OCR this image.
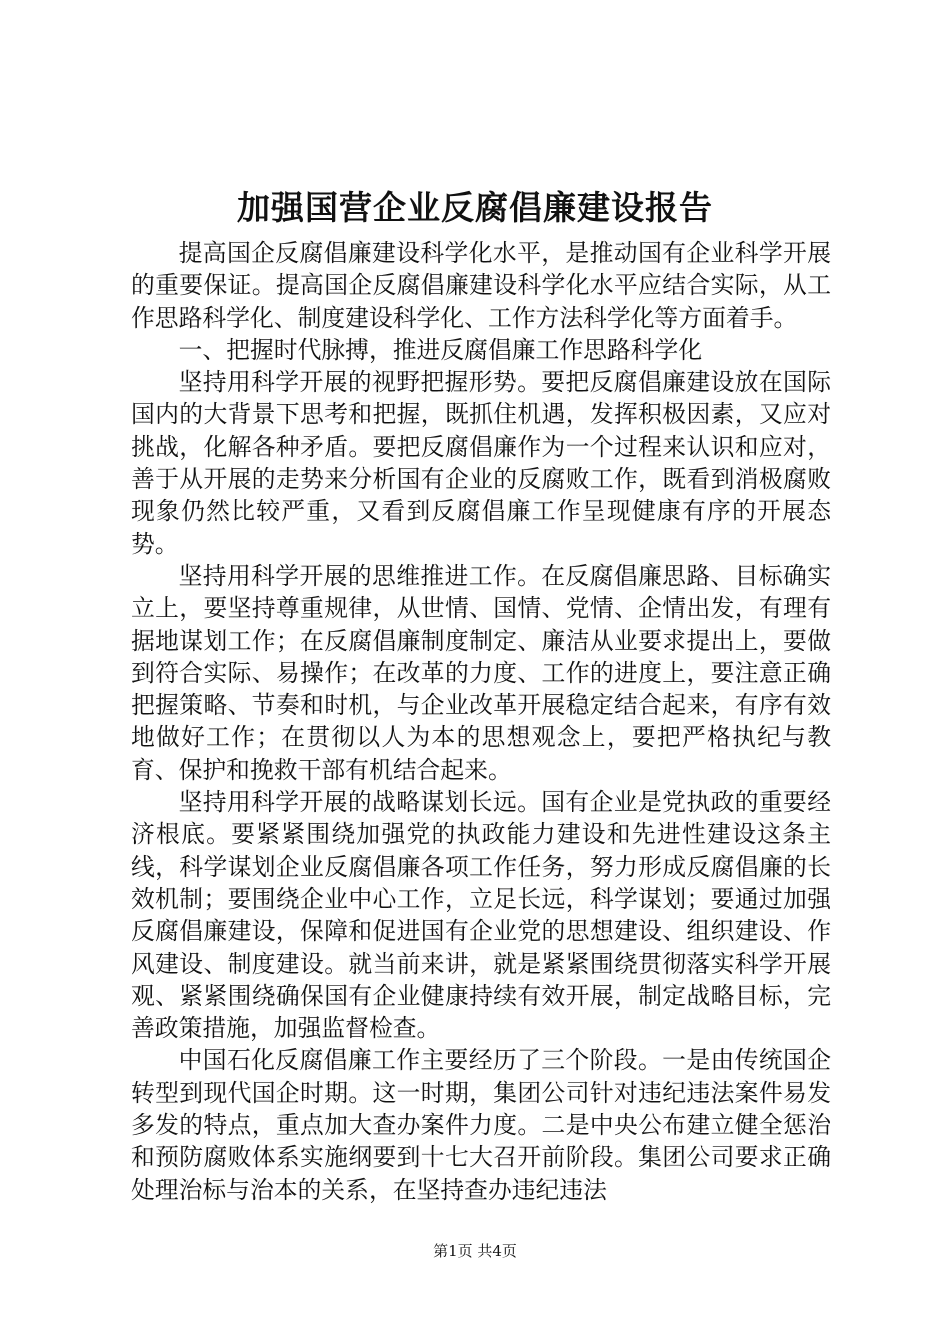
加强国营企业反腐倡廉建设报告

提高国企反腐倡廉建设科学化水平，是推动国有企业科学开展的重要保证。提高国企反腐倡廉建设科学化水平应结合实际，从工作思路科学化、制度建设科学化、工作方法科学化等方面着手。

一、把握时代脉搏，推进反腐倡廉工作思路科学化

坚持用科学开展的视野把握形势。要把反腐倡廉建设放在国际国内的大背景下思考和把握，既抓住机遇，发挥积极因素，又应对挑战，化解各种矛盾。要把反腐倡廉作为一个过程来认识和应对，善于从开展的走势来分析国有企业的反腐败工作，既看到消极腐败现象仍然比较严重，又看到反腐倡廉工作呈现健康有序的开展态势。

坚持用科学开展的思维推进工作。在反腐倡廉思路、目标确实立上，要坚持尊重规律，从世情、国情、党情、企情出发，有理有据地谋划工作；在反腐倡廉制度制定、廉洁从业要求提出上，要做到符合实际、易操作；在改革的力度、工作的进度上，要注意正确把握策略、节奏和时机，与企业改革开展稳定结合起来，有序有效地做好工作；在贯彻以人为本的思想观念上，要把严格执纪与教育、保护和挽救干部有机结合起来。

坚持用科学开展的战略谋划长远。国有企业是党执政的重要经济根底。要紧紧围绕加强党的执政能力建设和先进性建设这条主线，科学谋划企业反腐倡廉各项工作任务，努力形成反腐倡廉的长效机制；要围绕企业中心工作，立足长远，科学谋划；要通过加强反腐倡廉建设，保障和促进国有企业党的思想建设、组织建设、作风建设、制度建设。就当前来讲，就是紧紧围绕贯彻落实科学开展观、紧紧围绕确保国有企业健康持续有效开展，制定战略目标，完善政策措施，加强监督检查。

中国石化反腐倡廉工作主要经历了三个阶段。一是由传统国企转型到现代国企时期。这一时期，集团公司针对违纪违法案件易发多发的特点，重点加大查办案件力度。二是中央公布建立健全惩治和预防腐败体系实施纲要到十七大召开前阶段。集团公司要求正确处理治标与治本的关系，在坚持查办违纪违法

第1页 共4页
